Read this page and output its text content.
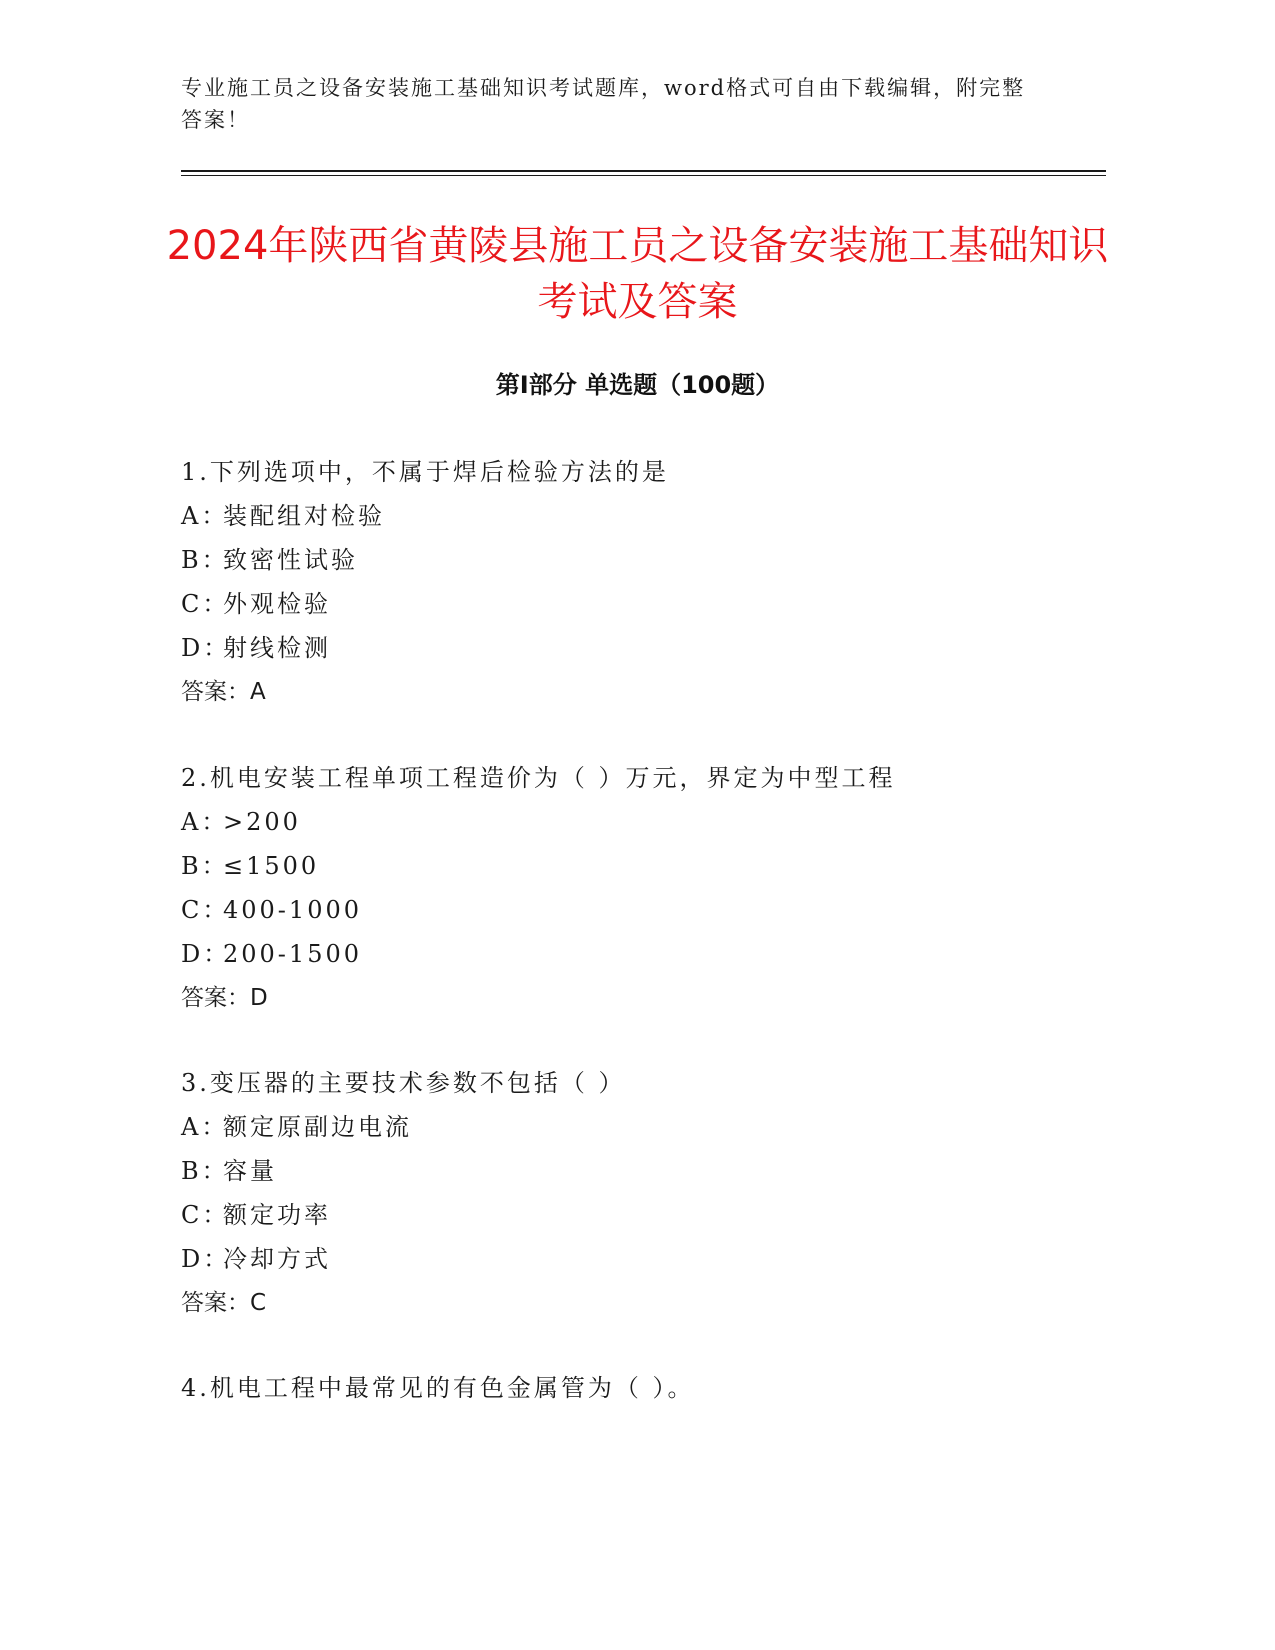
专业施工员之设备安装施工基础知识考试题库，word格式可自由下载编辑，附完整答案！
2024年陕西省黄陵县施工员之设备安装施工基础知识考试及答案
第Ⅰ部分 单选题（100题）

1.下列选项中，不属于焊后检验方法的是

A：装配组对检验

B：致密性试验

C：外观检验

D：射线检测

答案：A

2.机电安装工程单项工程造价为（ ）万元，界定为中型工程

A：>200

B：≤1500

C：400-1000

D：200-1500

答案：D

3.变压器的主要技术参数不包括（ ）

A：额定原副边电流

B：容量

C：额定功率

D：冷却方式

答案：C

4.机电工程中最常见的有色金属管为（ ）。
